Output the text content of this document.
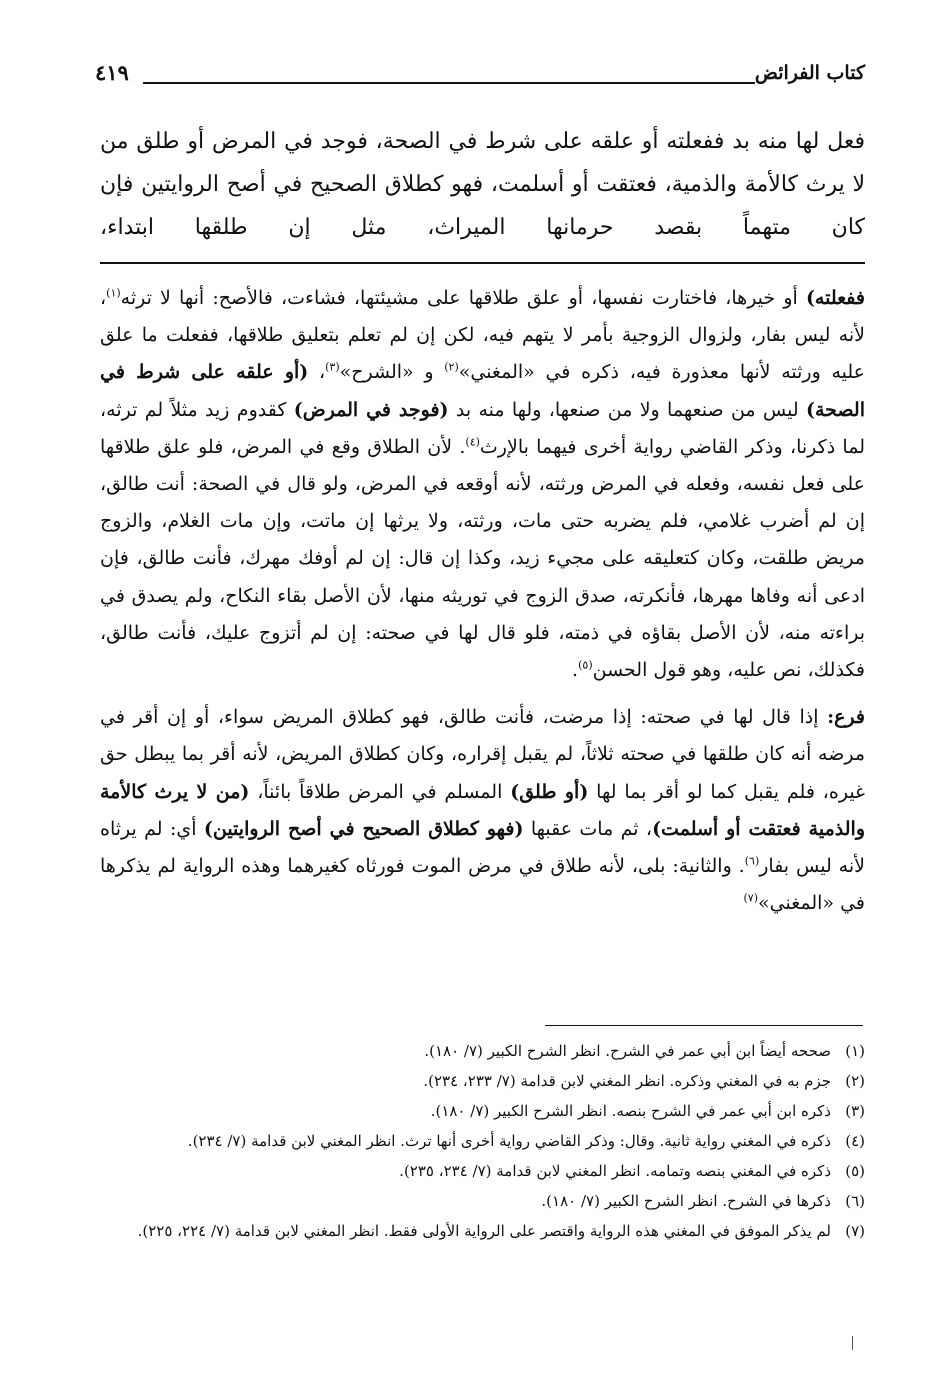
كتاب الفرائض
٤١٩

فعل لها منه بد ففعلته أو علقه على شرط في الصحة، فوجد في المرض أو طلق من لا يرث كالأمة والذمية، فعتقت أو أسلمت، فهو كطلاق الصحيح في أصح الروايتين فإن كان متهماً بقصد حرمانها الميراث، مثل إن طلقها ابتداء،

ففعلته) أو خيرها، فاختارت نفسها، أو علق طلاقها على مشيئتها، فشاءت، فالأصح: أنها لا ترثه$^{(١)}$، لأنه ليس بفار، ولزوال الزوجية بأمر لا يتهم فيه، لكن إن لم تعلم بتعليق طلاقها، ففعلت ما علق عليه ورثته لأنها معذورة فيه، ذكره في «المغني»$^{(٢)}$ و «الشرح»$^{(٣)}$، (أو علقه على شرط في الصحة) ليس من صنعهما ولا من صنعها، ولها منه بد (فوجد في المرض) كقدوم زيد مثلاً لم ترثه، لما ذكرنا، وذكر القاضي رواية أخرى فيهما بالإرث$^{(٤)}$. لأن الطلاق وقع في المرض، فلو علق طلاقها على فعل نفسه، وفعله في المرض ورثته، لأنه أوقعه في المرض، ولو قال في الصحة: أنت طالق، إن لم أضرب غلامي، فلم يضربه حتى مات، ورثته، ولا يرثها إن ماتت، وإن مات الغلام، والزوج مريض طلقت، وكان كتعليقه على مجيء زيد، وكذا إن قال: إن لم أوفك مهرك، فأنت طالق، فإن ادعى أنه وفاها مهرها، فأنكرته، صدق الزوج في توريثه منها، لأن الأصل بقاء النكاح، ولم يصدق في براءته منه، لأن الأصل بقاؤه في ذمته، فلو قال لها في صحته: إن لم أتزوج عليك، فأنت طالق، فكذلك، نص عليه، وهو قول الحسن$^{(٥)}$.

فرع: إذا قال لها في صحته: إذا مرضت، فأنت طالق، فهو كطلاق المريض سواء، أو إن أقر في مرضه أنه كان طلقها في صحته ثلاثاً، لم يقبل إقراره، وكان كطلاق المريض، لأنه أقر بما يبطل حق غيره، فلم يقبل كما لو أقر بما لها (أو طلق) المسلم في المرض طلاقاً بائناً، (من لا يرث كالأمة والذمية فعتقت أو أسلمت)، ثم مات عقبها (فهو كطلاق الصحيح في أصح الروايتين) أي: لم يرثاه لأنه ليس بفار$^{(٦)}$. والثانية: بلى، لأنه طلاق في مرض الموت فورثاه كغيرهما وهذه الرواية لم يذكرها في «المغني»$^{(٧)}$

(١)
صححه أيضاً ابن أبي عمر في الشرح. انظر الشرح الكبير (٧/ ١٨٠).
(٢)
جزم به في المغني وذكره. انظر المغني لابن قدامة (٧/ ٢٣٣، ٢٣٤).
(٣)
ذكره ابن أبي عمر في الشرح بنصه. انظر الشرح الكبير (٧/ ١٨٠).
(٤)
ذكره في المغني رواية ثانية. وقال: وذكر القاضي رواية أخرى أنها ترث. انظر المغني لابن قدامة (٧/ ٢٣٤).
(٥)
ذكره في المغني بنصه وتمامه. انظر المغني لابن قدامة (٧/ ٢٣٤، ٢٣٥).
(٦)
ذكرها في الشرح. انظر الشرح الكبير (٧/ ١٨٠).
(٧)
لم يذكر الموفق في المغني هذه الرواية واقتصر على الرواية الأولى فقط. انظر المغني لابن قدامة (٧/ ٢٢٤، ٢٢٥).
